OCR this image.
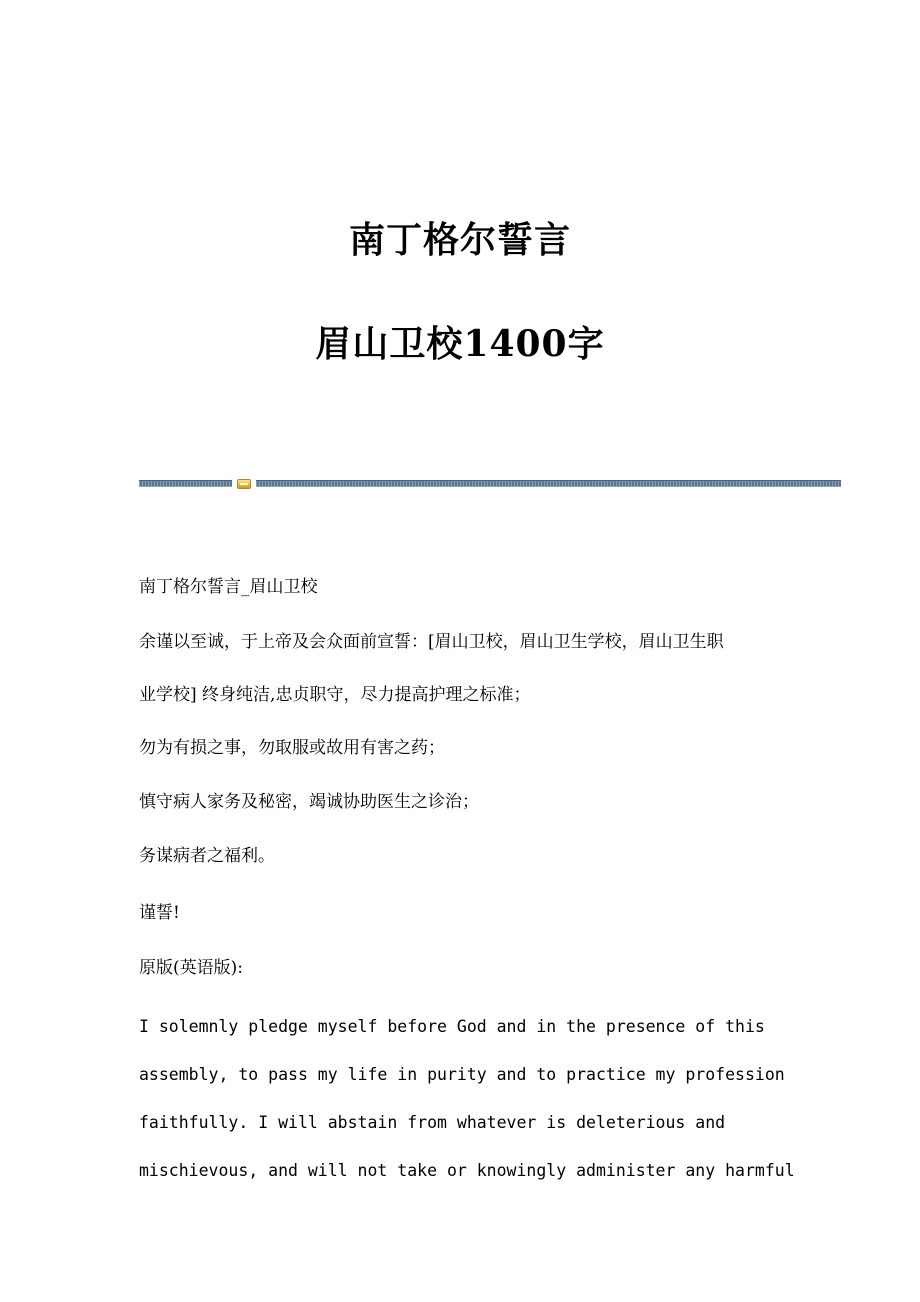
南丁格尔誓言
眉山卫校1400字
南丁格尔誓言_眉山卫校
余谨以至诚，于上帝及会众面前宣誓：[眉山卫校，眉山卫生学校，眉山卫生职
业学校] 终身纯洁,忠贞职守，尽力提高护理之标准；
勿为有损之事，勿取服或故用有害之药；
慎守病人家务及秘密，竭诚协助医生之诊治；
务谋病者之福利。
谨誓!
原版(英语版):
I solemnly pledge myself before God and in the presence of this
assembly, to pass my life in purity and to practice my profession
faithfully. I will abstain from whatever is deleterious and
mischievous, and will not take or knowingly administer any harmful
